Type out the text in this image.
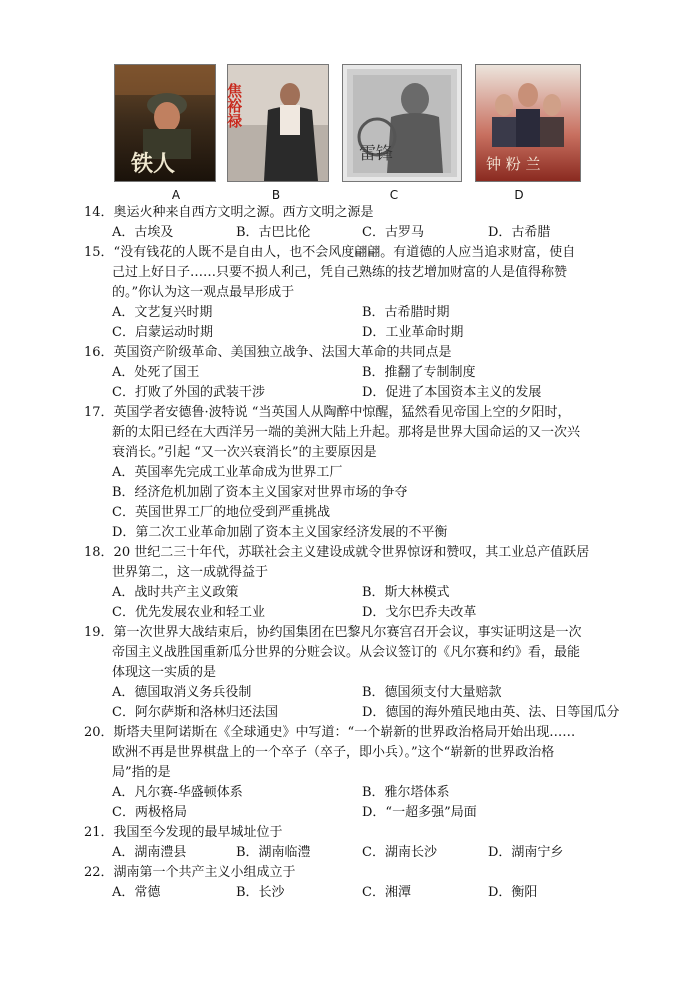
铁人
A
焦裕禄
B
雷锋
C
钟 粉 兰
D
14．奥运火种来自西方文明之源。西方文明之源是
A．古埃及	B．古巴比伦	C．古罗马	D．古希腊
15．“没有钱花的人既不是自由人，也不会风度翩翩。有道德的人应当追求财富，使自
己过上好日子……只要不损人利己，凭自己熟练的技艺增加财富的人是值得称赞
的。”你认为这一观点最早形成于
A．文艺复兴时期	B．古希腊时期
C．启蒙运动时期	D．工业革命时期
16．英国资产阶级革命、美国独立战争、法国大革命的共同点是
A．处死了国王	B．推翻了专制制度
C．打败了外国的武装干涉	D．促进了本国资本主义的发展
17．英国学者安德鲁·波特说 “当英国人从陶醉中惊醒，猛然看见帝国上空的夕阳时，
新的太阳已经在大西洋另一端的美洲大陆上升起。那将是世界大国命运的又一次兴
衰消长。”引起 “又一次兴衰消长”的主要原因是
A．英国率先完成工业革命成为世界工厂
B．经济危机加剧了资本主义国家对世界市场的争夺
C．英国世界工厂的地位受到严重挑战
D．第二次工业革命加剧了资本主义国家经济发展的不平衡
18．20 世纪二三十年代，苏联社会主义建设成就令世界惊讶和赞叹，其工业总产值跃居
世界第二，这一成就得益于
A．战时共产主义政策	B．斯大林模式
C．优先发展农业和轻工业	D．戈尔巴乔夫改革
19．第一次世界大战结束后，协约国集团在巴黎凡尔赛宫召开会议，事实证明这是一次
帝国主义战胜国重新瓜分世界的分赃会议。从会议签订的《凡尔赛和约》看，最能
体现这一实质的是
A．德国取消义务兵役制	B．德国须支付大量赔款
C．阿尔萨斯和洛林归还法国	D．德国的海外殖民地由英、法、日等国瓜分
20．斯塔夫里阿诺斯在《全球通史》中写道：“一个崭新的世界政治格局开始出现……
欧洲不再是世界棋盘上的一个卒子（卒子，即小兵）。”这个“崭新的世界政治格
局”指的是
A．凡尔赛-华盛顿体系	B．雅尔塔体系
C．两极格局	D．“一超多强”局面
21．我国至今发现的最早城址位于
A．湖南澧县	B．湖南临澧	C．湖南长沙	D．湖南宁乡
22．湖南第一个共产主义小组成立于
A．常德	B．长沙	C．湘潭	D．衡阳
